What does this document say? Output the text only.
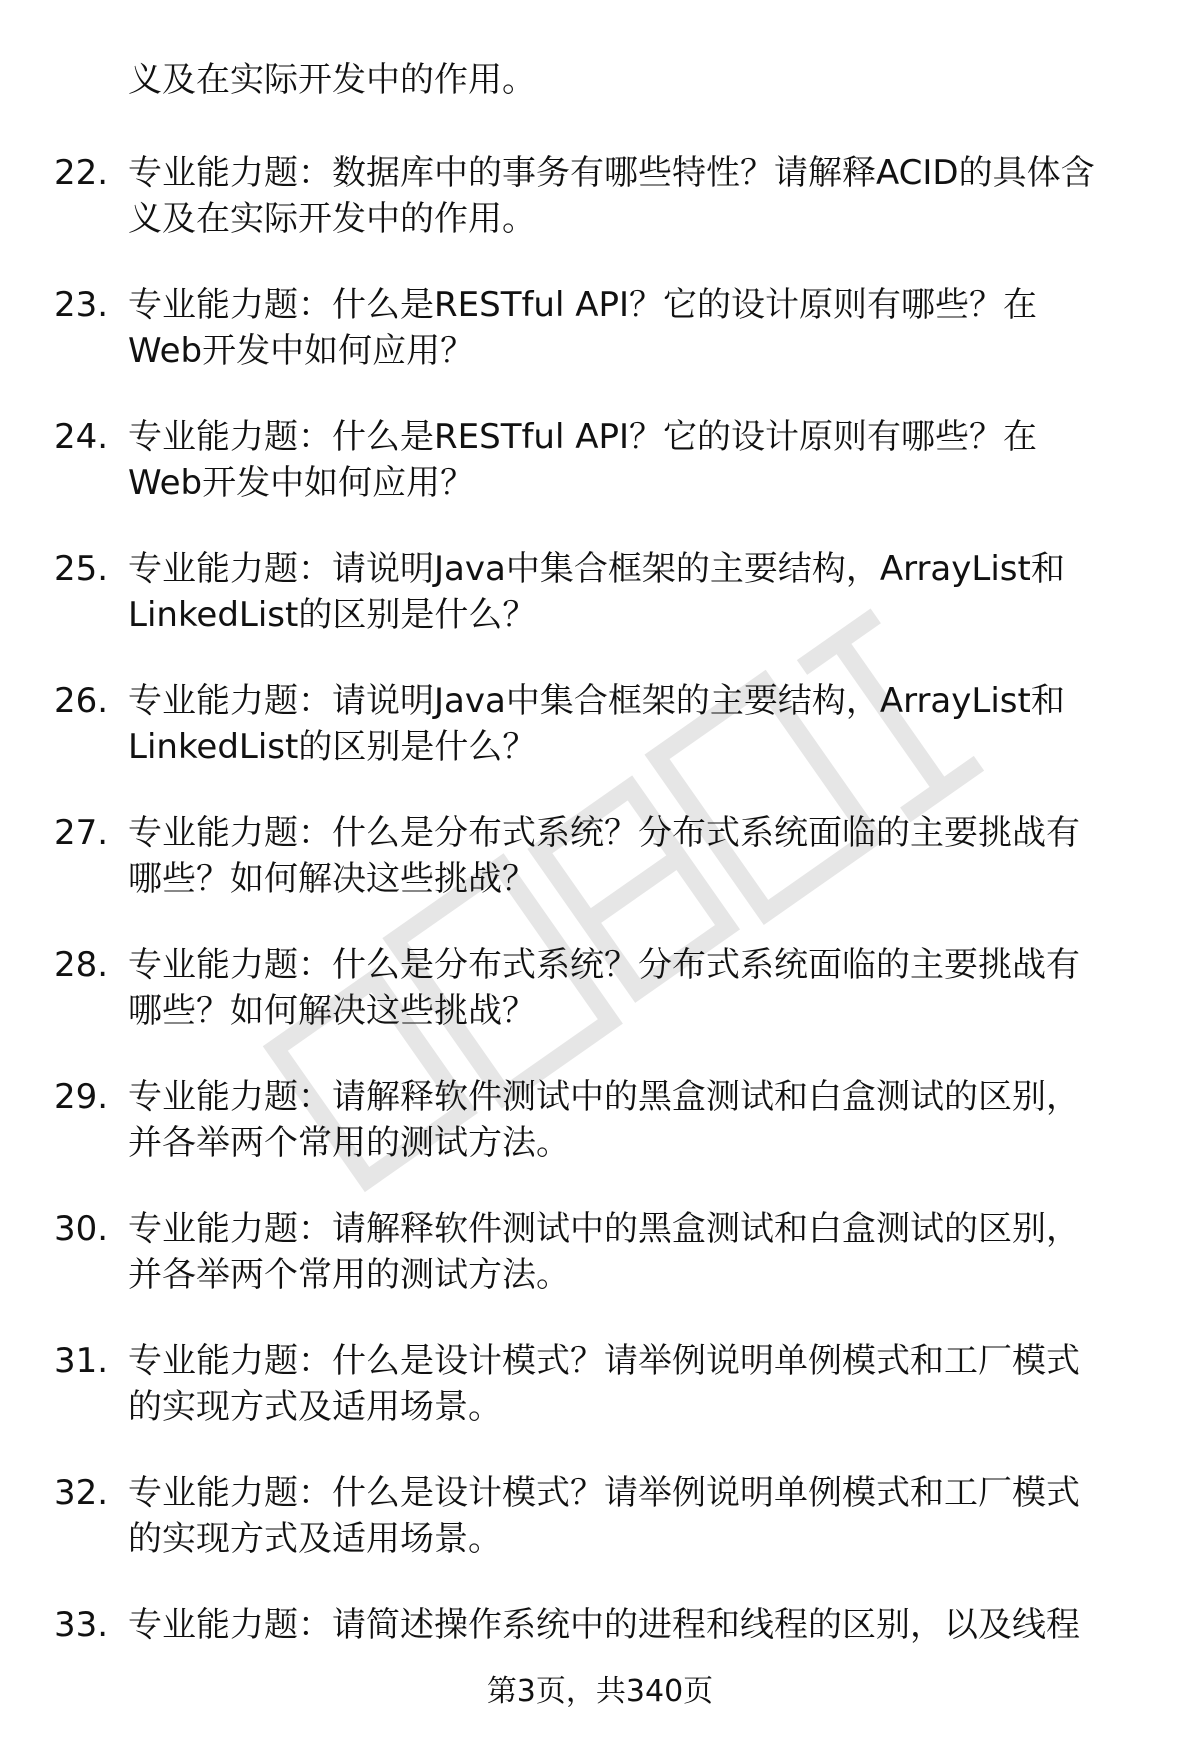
义及在实际开发中的作用。
22. 专业能力题：数据库中的事务有哪些特性？请解释ACID的具体含
义及在实际开发中的作用。
23. 专业能力题：什么是RESTful API？它的设计原则有哪些？在
Web开发中如何应用？
24. 专业能力题：什么是RESTful API？它的设计原则有哪些？在
Web开发中如何应用？
25. 专业能力题：请说明Java中集合框架的主要结构，ArrayList和
LinkedList的区别是什么？
26. 专业能力题：请说明Java中集合框架的主要结构，ArrayList和
LinkedList的区别是什么？
27. 专业能力题：什么是分布式系统？分布式系统面临的主要挑战有
哪些？如何解决这些挑战？
28. 专业能力题：什么是分布式系统？分布式系统面临的主要挑战有
哪些？如何解决这些挑战？
29. 专业能力题：请解释软件测试中的黑盒测试和白盒测试的区别，
并各举两个常用的测试方法。
30. 专业能力题：请解释软件测试中的黑盒测试和白盒测试的区别，
并各举两个常用的测试方法。
31. 专业能力题：什么是设计模式？请举例说明单例模式和工厂模式
的实现方式及适用场景。
32. 专业能力题：什么是设计模式？请举例说明单例模式和工厂模式
的实现方式及适用场景。
33. 专业能力题：请简述操作系统中的进程和线程的区别，以及线程
第3页，共340页
